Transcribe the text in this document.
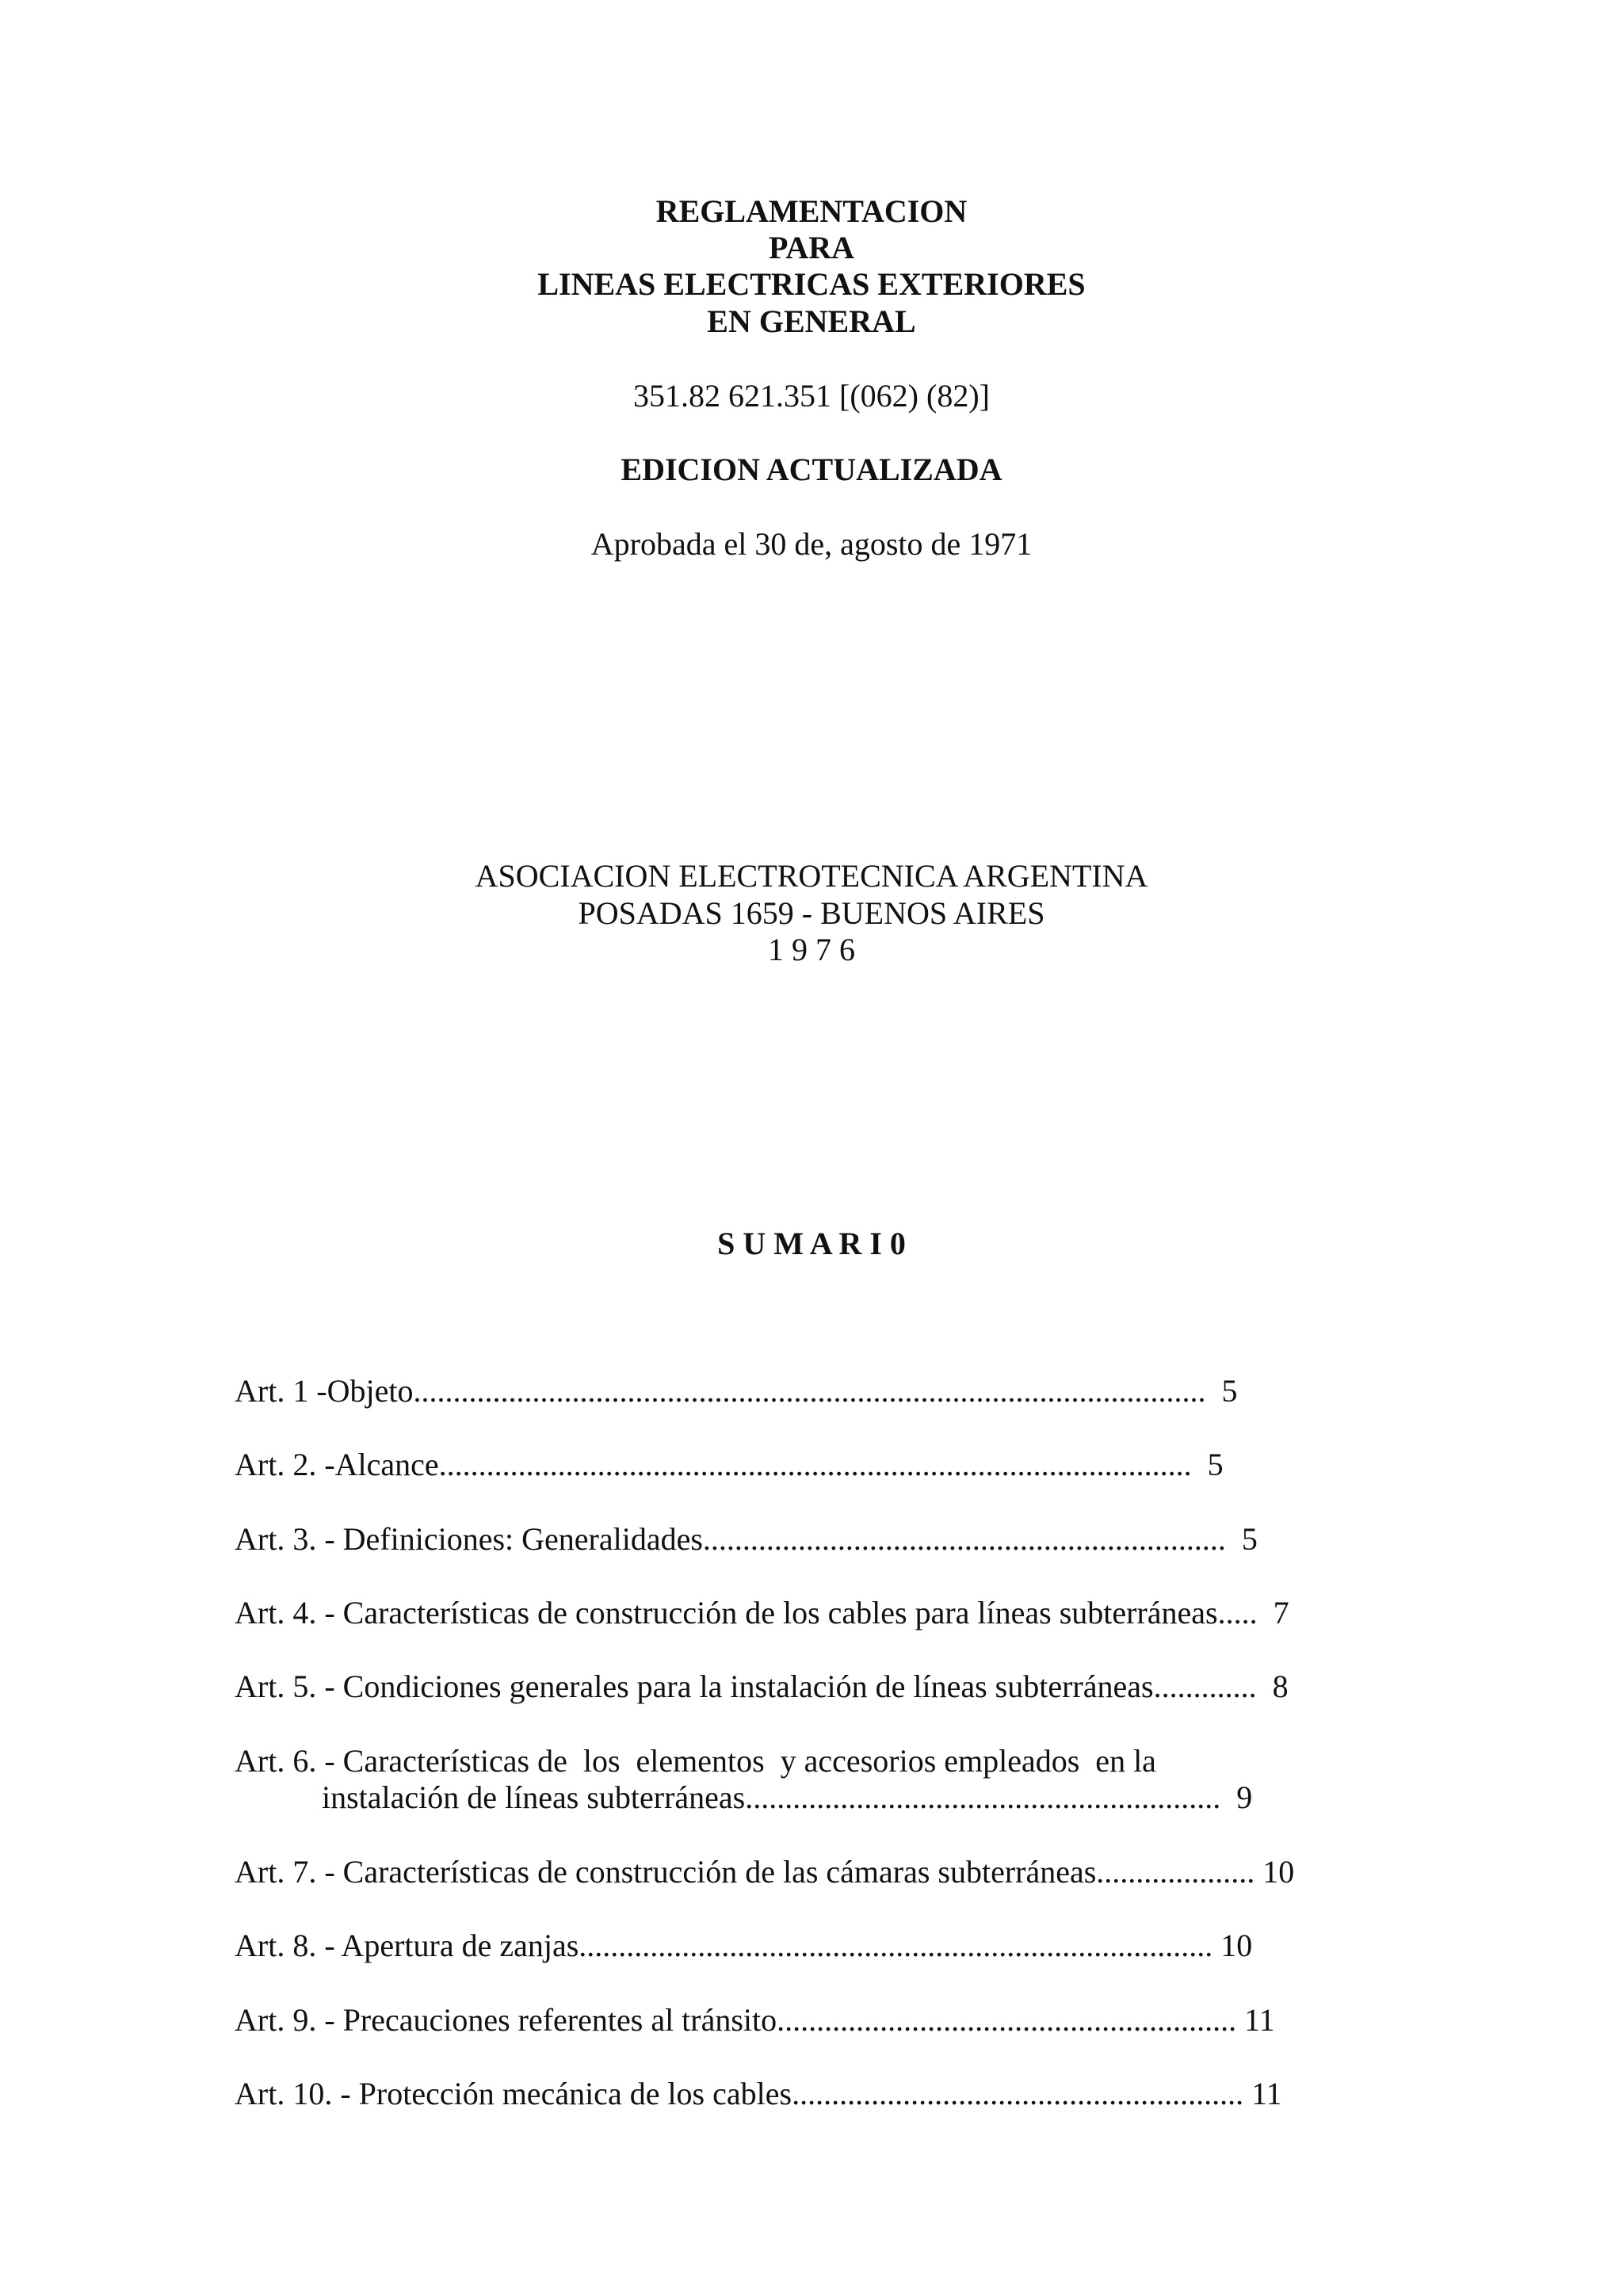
REGLAMENTACION
PARA
LINEAS ELECTRICAS EXTERIORES
EN GENERAL
351.82 621.351 [(062) (82)]
EDICION ACTUALIZADA
Aprobada el 30 de, agosto de 1971
ASOCIACION ELECTROTECNICA ARGENTINA
POSADAS 1659 - BUENOS AIRES
1 9 7 6
S U M A R I 0
Art. 1 -Objeto....................................................................................................  5
Art. 2. -Alcance...............................................................................................  5
Art. 3. - Definiciones: Generalidades..................................................................  5
Art. 4. - Características de construcción de los cables para líneas subterráneas.....  7
Art. 5. - Condiciones generales para la instalación de líneas subterráneas.............  8
Art. 6. - Características de  los  elementos  y accesorios empleados  en la
instalación de líneas subterráneas............................................................  9
Art. 7. - Características de construcción de las cámaras subterráneas.................... 10
Art. 8. - Apertura de zanjas................................................................................ 10
Art. 9. - Precauciones referentes al tránsito.......................................................... 11
Art. 10. - Protección mecánica de los cables......................................................... 11
